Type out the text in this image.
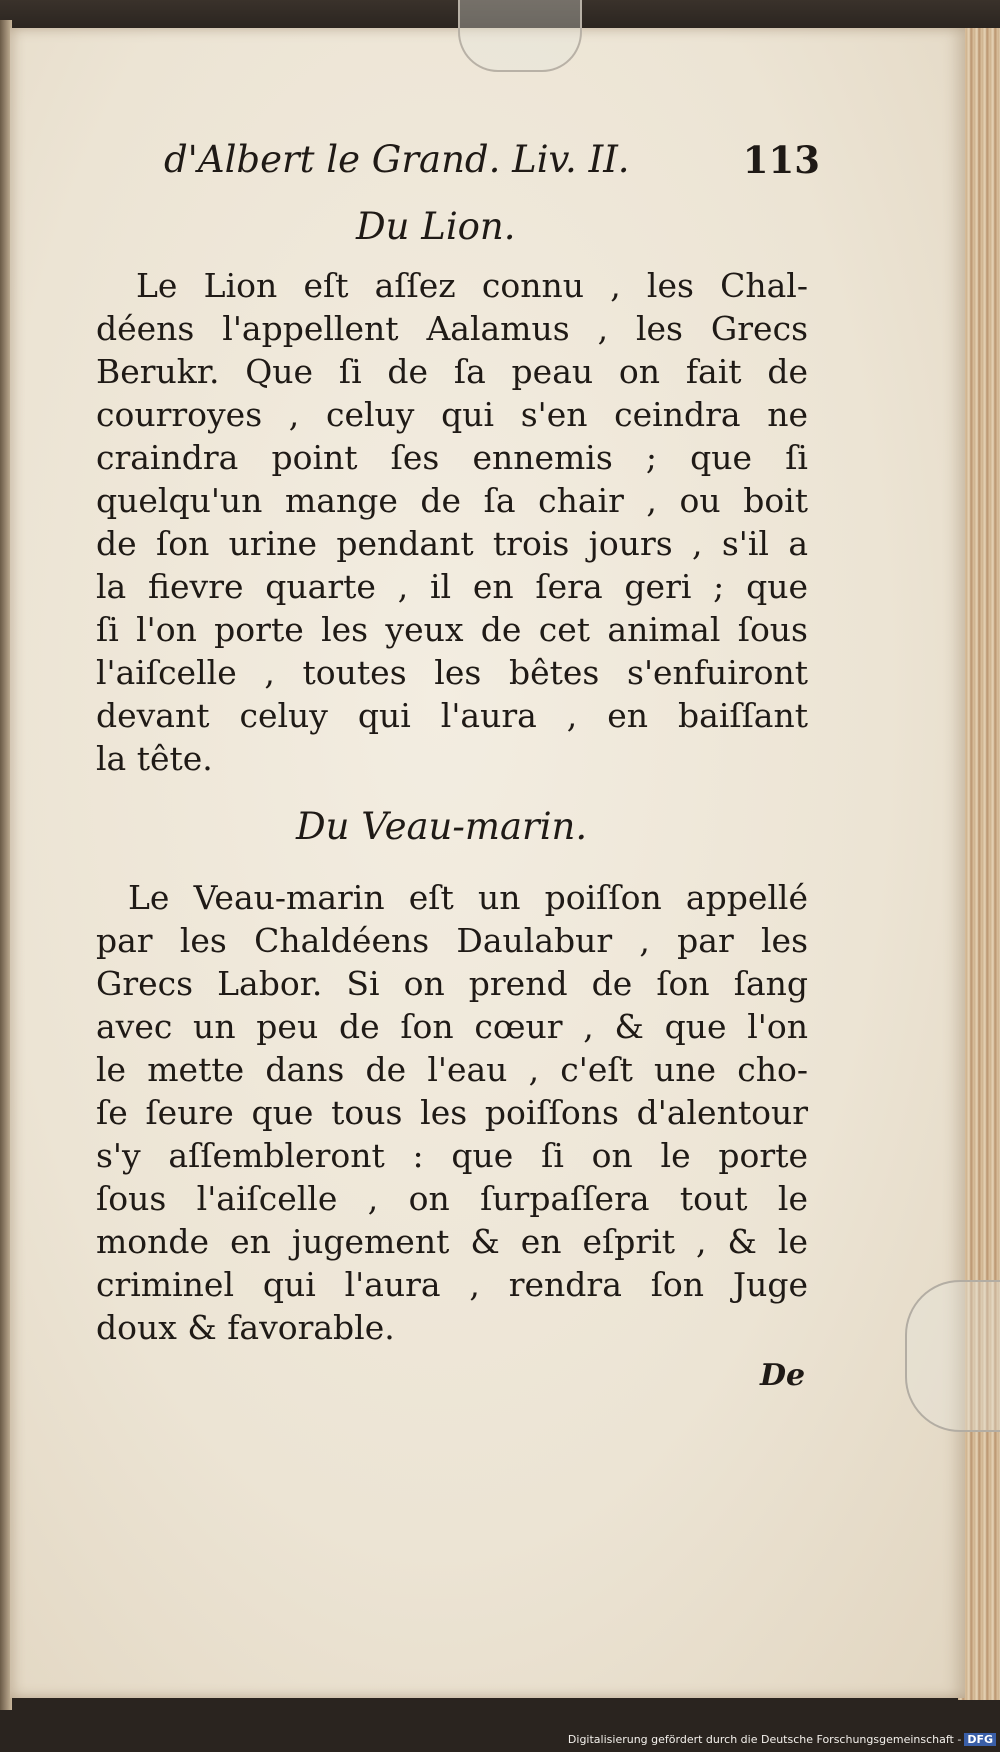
d'Albert le Grand. Liv. II.	113
Du Lion.
Le Lion eſt aſſez connu , les Chal-
déens l'appellent Aalamus , les Grecs
Berukr. Que ſi de ſa peau on fait de
courroyes , celuy qui s'en ceindra ne
craindra point ſes ennemis ; que ſi
quelqu'un mange de ſa chair , ou boit
de ſon urine pendant trois jours , s'il a
la fievre quarte , il en ſera geri ; que
ſi l'on porte les yeux de cet animal ſous
l'aiſcelle , toutes les bêtes s'enfuiront
devant celuy qui l'aura , en baiſſant
la tête.
Du Veau-marin.
Le Veau-marin eſt un poiſſon appellé
par les Chaldéens Daulabur , par les
Grecs Labor. Si on prend de ſon ſang
avec un peu de ſon cœur , & que l'on
le mette dans de l'eau , c'eſt une cho-
ſe ſeure que tous les poiſſons d'alentour
s'y aſſembleront : que ſi on le porte
ſous l'aiſcelle , on ſurpaſſera tout le
monde en jugement & en eſprit , & le
criminel qui l'aura , rendra ſon Juge
doux & favorable.
De
Digitalisierung gefördert durch die Deutsche Forschungsgemeinschaft - DFG
